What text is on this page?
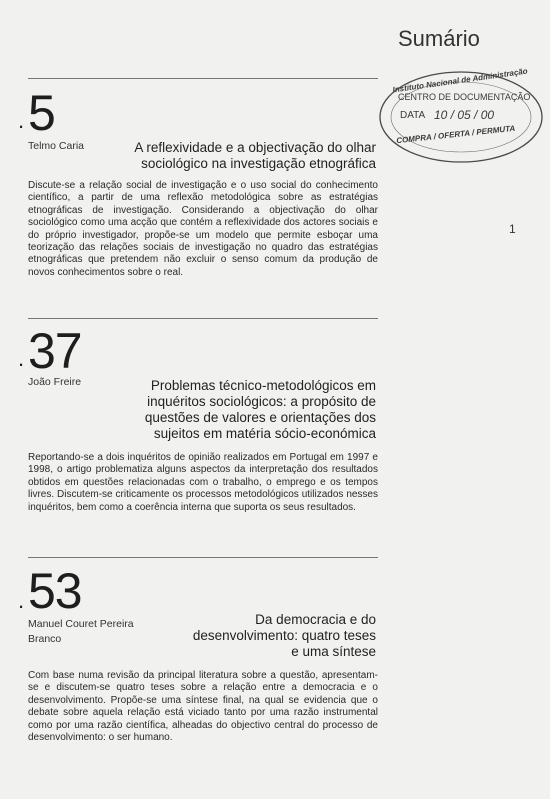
Sumário
1
Instituto Nacional de Administração
CENTRO DE DOCUMENTAÇÃO
DATA 10 / 05 / 00
COMPRA / OFERTA / PERMUTA
5
.
Telmo Caria	A reflexividade e a objectivação do olhar
sociológico na investigação etnográfica
Discute-se a relação social de investigação e o uso social do conhecimento científico, a partir de uma reflexão metodológica sobre as estratégias etnográficas de investigação. Considerando a objectivação do olhar sociológico como uma acção que contém a reflexividade dos actores sociais e do próprio investigador, propõe-se um modelo que permite esboçar uma teorização das relações sociais de investigação no quadro das estratégias etnográficas que pretendem não excluir o senso comum da produção de novos conhecimentos sobre o real.
37
.
João Freire	Problemas técnico-metodológicos em
inquéritos sociológicos: a propósito de
questões de valores e orientações dos
sujeitos em matéria sócio-económica
Reportando-se a dois inquéritos de opinião realizados em Portugal em 1997 e 1998, o artigo problematiza alguns aspectos da interpretação dos resultados obtidos em questões relacionadas com o trabalho, o emprego e os tempos livres. Discutem-se criticamente os processos metodológicos utilizados nesses inquéritos, bem como a coerência interna que suporta os seus resultados.
53
.
Manuel Couret Pereira
Branco
Da democracia e do
desenvolvimento: quatro teses
e uma síntese
Com base numa revisão da principal literatura sobre a questão, apresentam-se e discutem-se quatro teses sobre a relação entre a democracia e o desenvolvimento. Propõe-se uma síntese final, na qual se evidencia que o debate sobre aquela relação está viciado tanto por uma razão instrumental como por uma razão científica, alheadas do objectivo central do processo de desenvolvimento: o ser humano.
